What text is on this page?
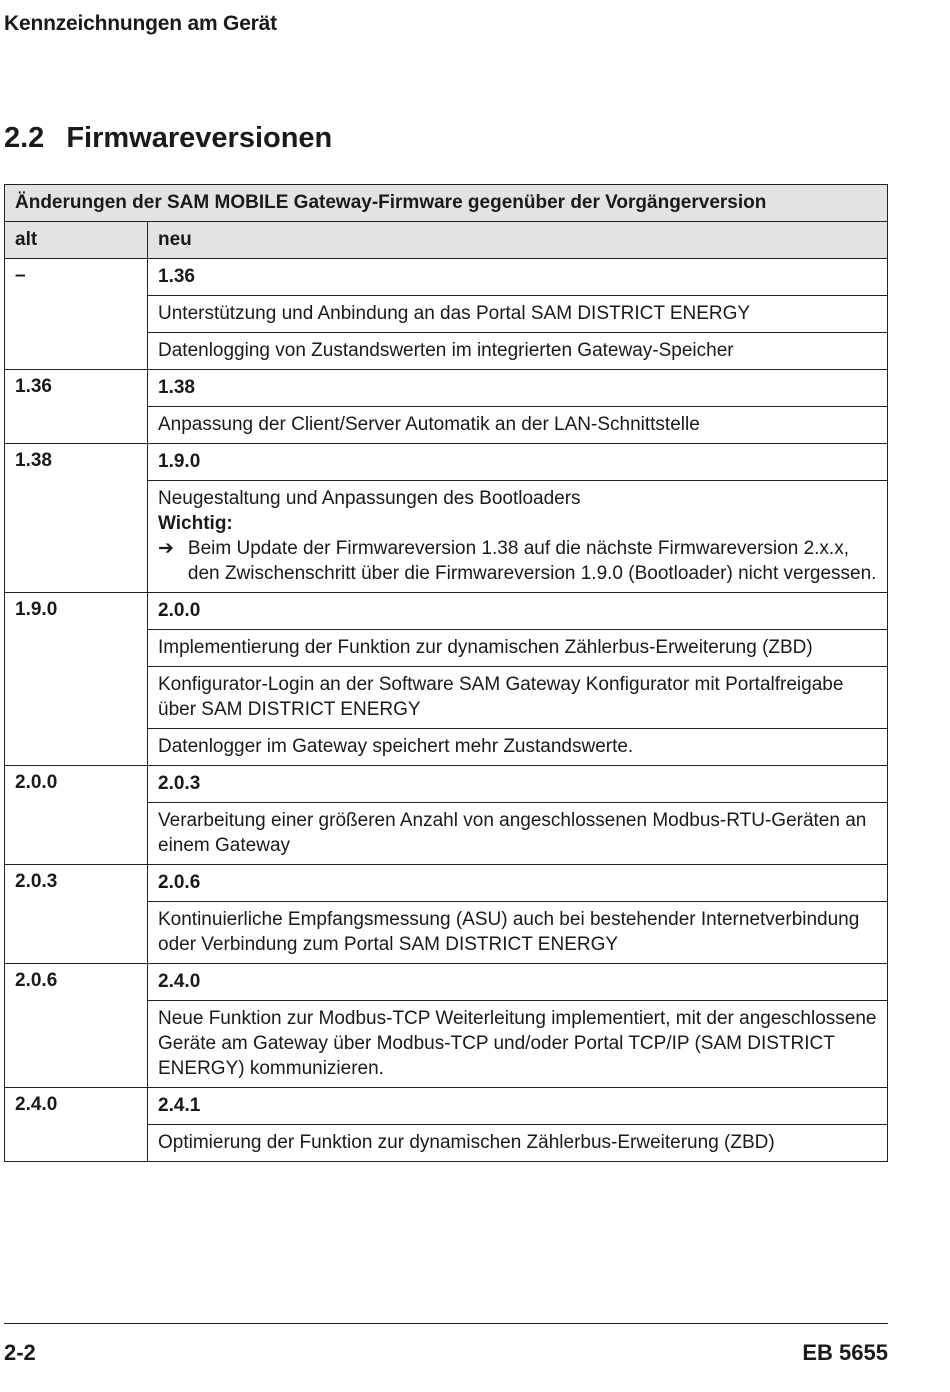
Kennzeichnungen am Gerät
2.2 Firmwareversionen
Änderungen der SAM MOBILE Gateway-Firmware gegenüber der Vorgängerversion	
alt	neu
–	1.36
	Unterstützung und Anbindung an das Portal SAM DISTRICT ENERGY
	Datenlogging von Zustandswerten im integrierten Gateway-Speicher
1.36	1.38
	Anpassung der Client/Server Automatik an der LAN-Schnittstelle
1.38	1.9.0

	Neugestaltung und Anpassungen des Bootloaders
Wichtig:
➔ Beim Update der Firmwareversion 1.38 auf die nächste Firmwareversion 2.x.x, den Zwischenschritt über die Firmwareversion 1.9.0 (Bootloader) nicht vergessen.

1.9.0	2.0.0
	Implementierung der Funktion zur dynamischen Zählerbus-Erweiterung (ZBD)
	Konfigurator-Login an der Software SAM Gateway Konfigurator mit Portalfreigabe über SAM DISTRICT ENERGY
	Datenlogger im Gateway speichert mehr Zustandswerte.
2.0.0	2.0.3
	Verarbeitung einer größeren Anzahl von angeschlossenen Modbus-RTU-Geräten an einem Gateway
2.0.3	2.0.6
	Kontinuierliche Empfangsmessung (ASU) auch bei bestehender Internetverbindung oder Verbindung zum Portal SAM DISTRICT ENERGY
2.0.6	2.4.0
	Neue Funktion zur Modbus-TCP Weiterleitung implementiert, mit der angeschlossene Geräte am Gateway über Modbus-TCP und/oder Portal TCP/IP (SAM DISTRICT ENERGY) kommunizieren.
2.4.0	2.4.1
	Optimierung der Funktion zur dynamischen Zählerbus-Erweiterung (ZBD)
2-2	EB 5655
